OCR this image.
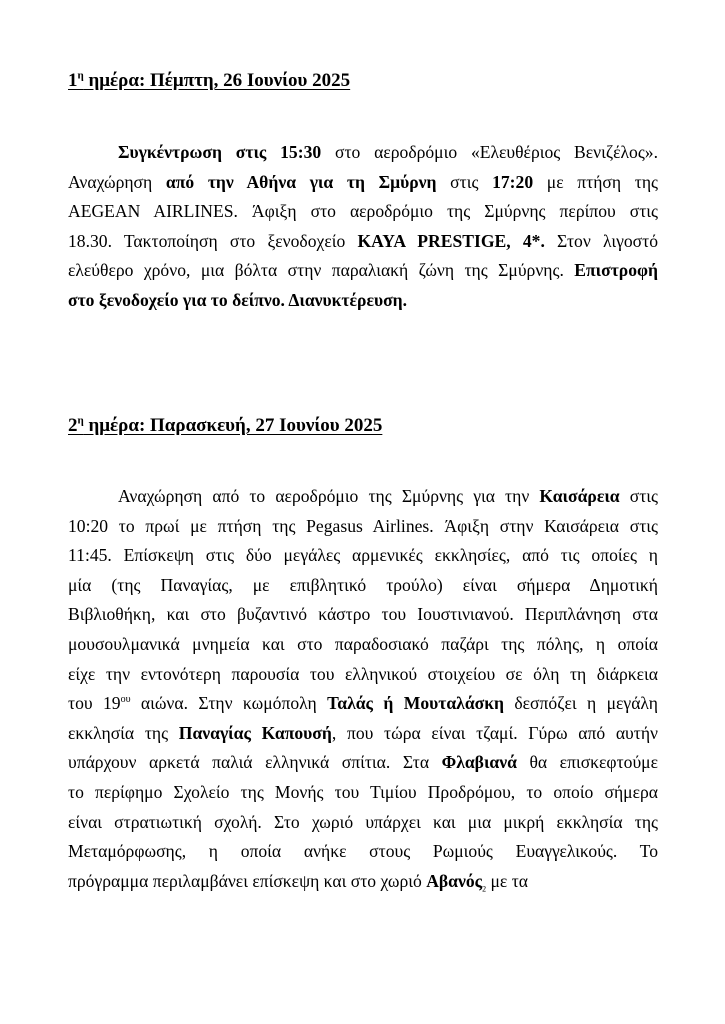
$1^\eta$ ημέρα: Πέμπτη, 26 Ιουνίου 2025
Συγκέντρωση στις 15:30 στο αεροδρόμιο «Ελευθέριος Βενιζέλος».
Αναχώρηση από την Αθήνα για τη Σμύρνη στις 17:20 με πτήση της
AEGEAN AIRLINES. Άφιξη στο αεροδρόμιο της Σμύρνης περίπου στις
18.30. Τακτοποίηση στο ξενοδοχείο KAYA PRESTIGE, 4*. Στον λιγοστό
ελεύθερο χρόνο, μια βόλτα στην παραλιακή ζώνη της Σμύρνης. Επιστροφή
στο ξενοδοχείο για το δείπνο. Διανυκτέρευση.
$2^\eta$ ημέρα: Παρασκευή, 27 Ιουνίου 2025
Αναχώρηση από το αεροδρόμιο της Σμύρνης για την Καισάρεια στις
10:20 το πρωί με πτήση της Pegasus Airlines. Άφιξη στην Καισάρεια στις
11:45. Επίσκεψη στις δύο μεγάλες αρμενικές εκκλησίες, από τις οποίες η
μία (της Παναγίας, με επιβλητικό τρούλο) είναι σήμερα Δημοτική
Βιβλιοθήκη, και στο βυζαντινό κάστρο του Ιουστινιανού. Περιπλάνηση στα
μουσουλμανικά μνημεία και στο παραδοσιακό παζάρι της πόλης, η οποία
είχε την εντονότερη παρουσία του ελληνικού στοιχείου σε όλη τη διάρκεια
του $19^{o\upsilon}$ αιώνα. Στην κωμόπολη Ταλάς ή Μουταλάσκη δεσπόζει η μεγάλη
εκκλησία της Παναγίας Καπουσή, που τώρα είναι τζαμί. Γύρω από αυτήν
υπάρχουν αρκετά παλιά ελληνικά σπίτια. Στα Φλαβιανά θα επισκεφτούμε
το περίφημο Σχολείο της Μονής του Τιμίου Προδρόμου, το οποίο σήμερα
είναι στρατιωτική σχολή. Στο χωριό υπάρχει και μια μικρή εκκλησία της
Μεταμόρφωσης, η οποία ανήκε στους Ρωμιούς Ευαγγελικούς. Το
πρόγραμμα περιλαμβάνει επίσκεψη και στο χωριό Αβανός$_2$ με τα
